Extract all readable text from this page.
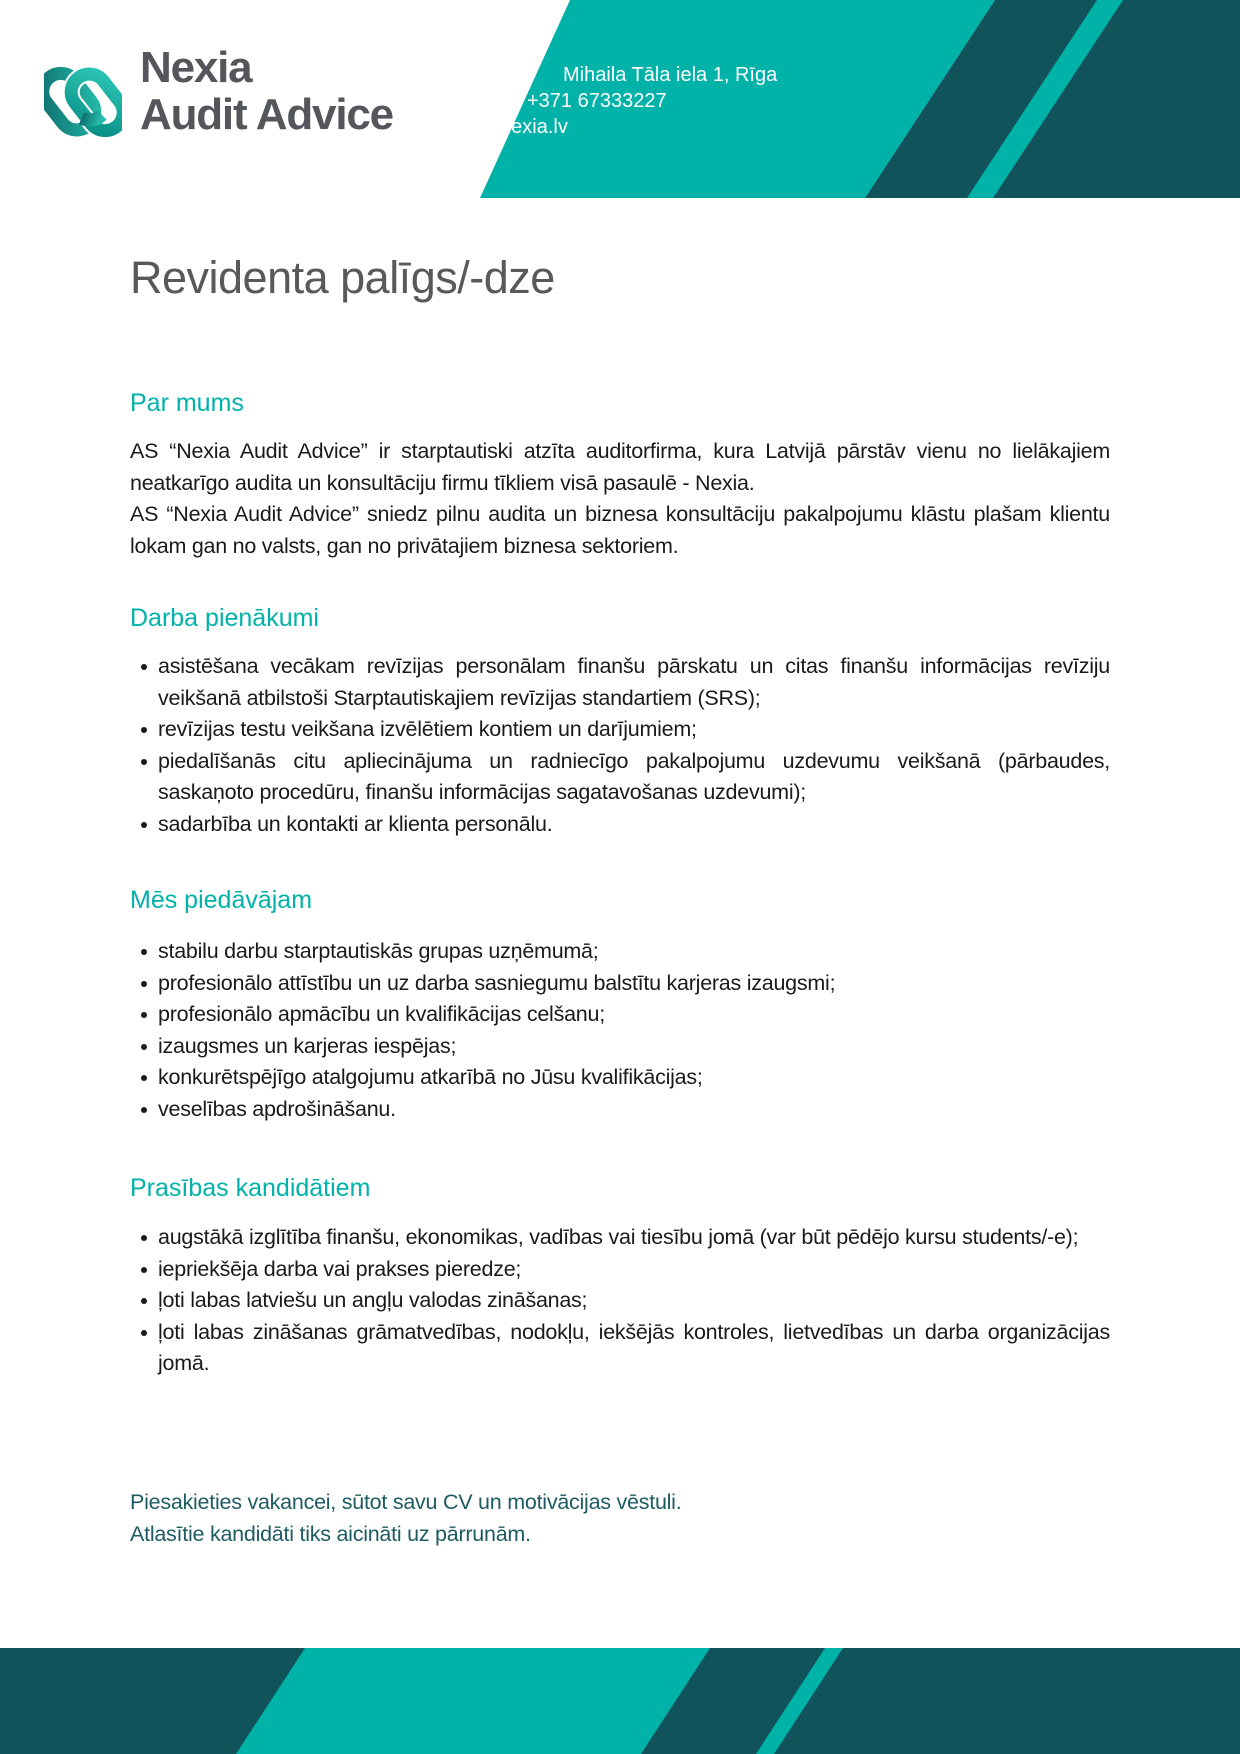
Nexia
Audit Advice
Mihaila Tāla iela 1, Rīga
+371 67333227
nexia.lv
Revidenta palīgs/-dze
Par mums

AS “Nexia Audit Advice” ir starptautiski atzīta auditorfirma, kura Latvijā pārstāv vienu no lielākajiem neatkarīgo audita un konsultāciju firmu tīkliem visā pasaulē - Nexia.

AS “Nexia Audit Advice” sniedz pilnu audita un biznesa konsultāciju pakalpojumu klāstu plašam klientu lokam gan no valsts, gan no privātajiem biznesa sektoriem.

Darba pienākumi
asistēšana vecākam revīzijas personālam finanšu pārskatu un citas finanšu informācijas revīziju veikšanā atbilstoši Starptautiskajiem revīzijas standartiem (SRS);
revīzijas testu veikšana izvēlētiem kontiem un darījumiem;
piedalīšanās citu apliecinājuma un radniecīgo pakalpojumu uzdevumu veikšanā (pārbaudes, saskaņoto procedūru, finanšu informācijas sagatavošanas uzdevumi);
sadarbība un kontakti ar klienta personālu.
Mēs piedāvājam
stabilu darbu starptautiskās grupas uzņēmumā;
profesionālo attīstību un uz darba sasniegumu balstītu karjeras izaugsmi;
profesionālo apmācību un kvalifikācijas celšanu;
izaugsmes un karjeras iespējas;
konkurētspējīgo atalgojumu atkarībā no Jūsu kvalifikācijas;
veselības apdrošināšanu.
Prasības kandidātiem
augstākā izglītība finanšu, ekonomikas, vadības vai tiesību jomā (var būt pēdējo kursu students/-e);
iepriekšēja darba vai prakses pieredze;
ļoti labas latviešu un angļu valodas zināšanas;
ļoti labas zināšanas grāmatvedības, nodokļu, iekšējās kontroles, lietvedības un darba organizācijas jomā.
Piesakieties vakancei, sūtot savu CV un motivācijas vēstuli.
Atlasītie kandidāti tiks aicināti uz pārrunām.
